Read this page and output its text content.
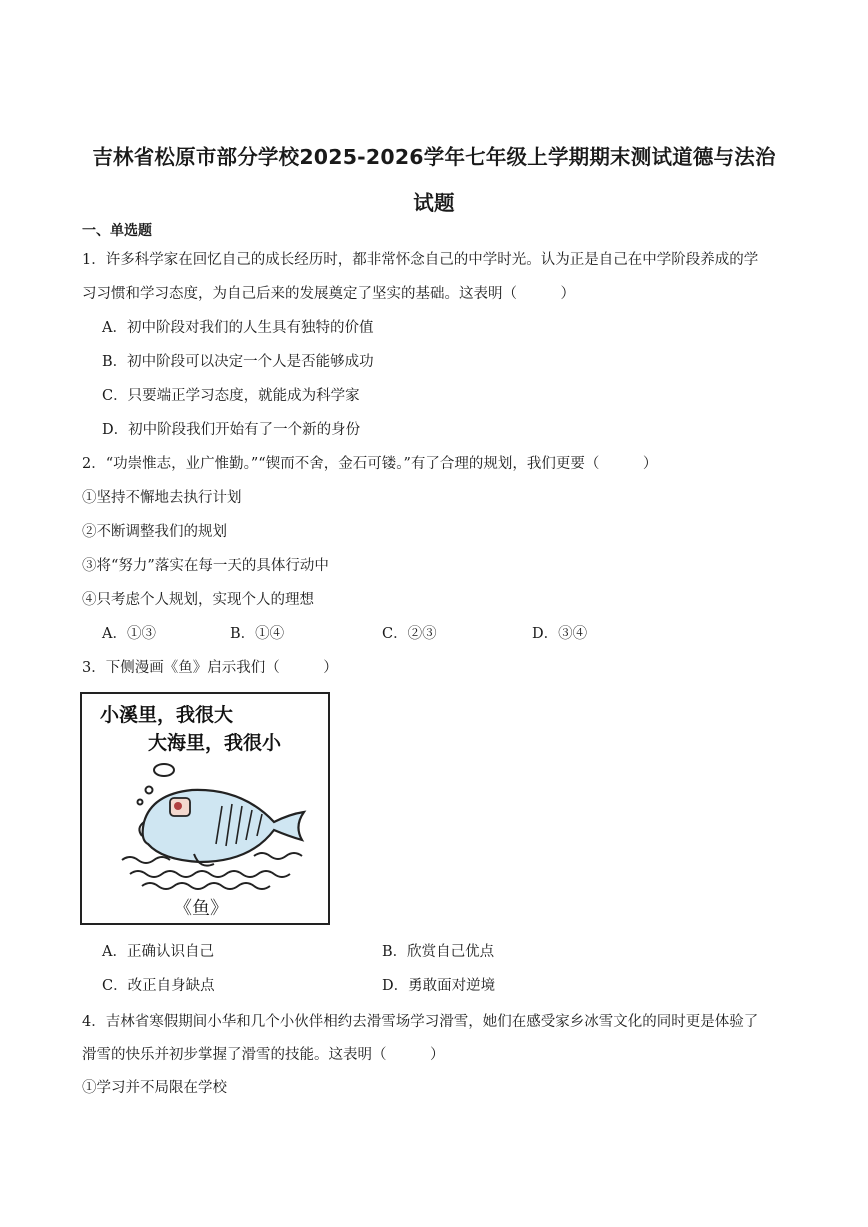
吉林省松原市部分学校2025-2026学年七年级上学期期末测试道德与法治
试题
一、单选题
1．许多科学家在回忆自己的成长经历时，都非常怀念自己的中学时光。认为正是自己在中学阶段养成的学
习习惯和学习态度，为自己后来的发展奠定了坚实的基础。这表明（　　　）
A．初中阶段对我们的人生具有独特的价值
B．初中阶段可以决定一个人是否能够成功
C．只要端正学习态度，就能成为科学家
D．初中阶段我们开始有了一个新的身份
2．“功崇惟志，业广惟勤。”“锲而不舍，金石可镂。”有了合理的规划，我们更要（　　　）
①坚持不懈地去执行计划
②不断调整我们的规划
③将“努力”落实在每一天的具体行动中
④只考虑个人规划，实现个人的理想
A．①③	B．①④	C．②③	D．③④
3．下侧漫画《鱼》启示我们（　　　）
小溪里，我很大
大海里，我很小
《鱼》
A．正确认识自己	B．欣赏自己优点
C．改正自身缺点	D．勇敢面对逆境
4．吉林省寒假期间小华和几个小伙伴相约去滑雪场学习滑雪，她们在感受家乡冰雪文化的同时更是体验了
滑雪的快乐并初步掌握了滑雪的技能。这表明（　　　）
①学习并不局限在学校
